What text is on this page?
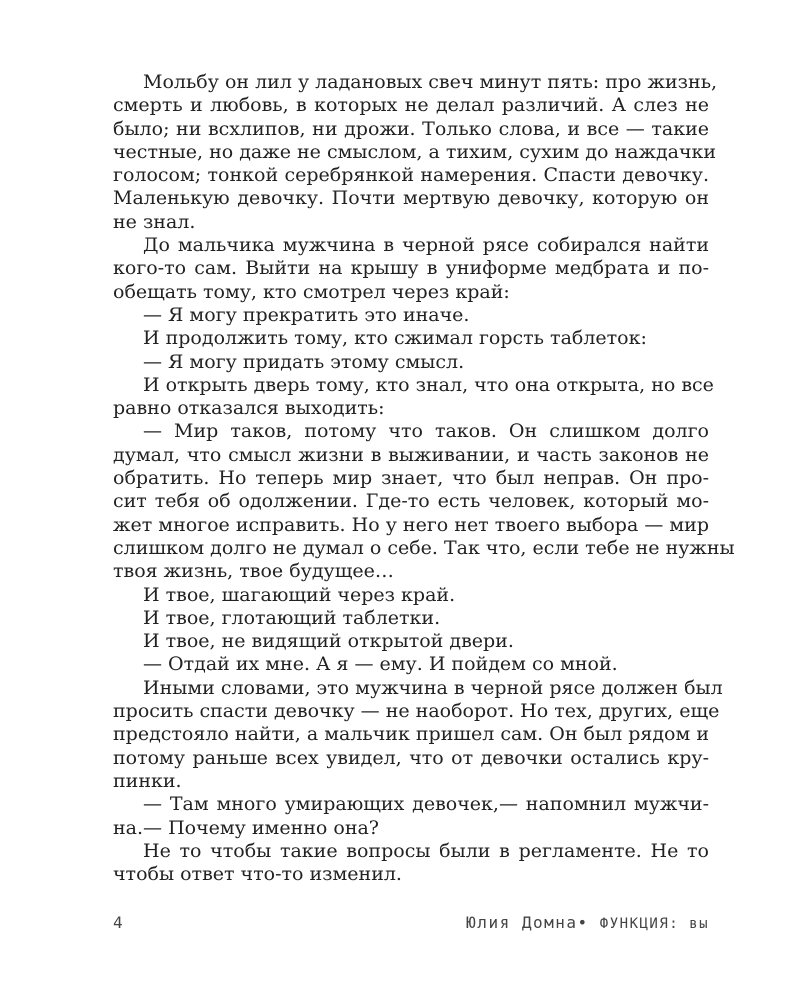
Мольбу он лил у ладановых свеч минут пять: про жизнь,
смерть и любовь, в которых не делал различий. А слез не
было; ни всхлипов, ни дрожи. Только слова, и все — такие
честные, но даже не смыслом, а тихим, сухим до наждачки
голосом; тонкой серебрянкой намерения. Спасти девочку.
Маленькую девочку. Почти мертвую девочку, которую он
не знал.
До мальчика мужчина в черной рясе собирался найти
кого-то сам. Выйти на крышу в униформе медбрата и по-
обещать тому, кто смотрел через край:
— Я могу прекратить это иначе.
И продолжить тому, кто сжимал горсть таблеток:
— Я могу придать этому смысл.
И открыть дверь тому, кто знал, что она открыта, но все
равно отказался выходить:
— Мир таков, потому что таков. Он слишком долго
думал, что смысл жизни в выживании, и часть законов не
обратить. Но теперь мир знает, что был неправ. Он про-
сит тебя об одолжении. Где-то есть человек, который мо-
жет многое исправить. Но у него нет твоего выбора — мир
слишком долго не думал о себе. Так что, если тебе не нужны
твоя жизнь, твое будущее…
И твое, шагающий через край.
И твое, глотающий таблетки.
И твое, не видящий открытой двери.
— Отдай их мне. А я — ему. И пойдем со мной.
Иными словами, это мужчина в черной рясе должен был
просить спасти девочку — не наоборот. Но тех, других, еще
предстояло найти, а мальчик пришел сам. Он был рядом и
потому раньше всех увидел, что от девочки остались кру-
пинки.
— Там много умирающих девочек,— напомнил мужчи-
на.— Почему именно она?
Не то чтобы такие вопросы были в регламенте. Не то
чтобы ответ что-то изменил.
4	Юлия Домна• ФУНКЦИЯ: вы
